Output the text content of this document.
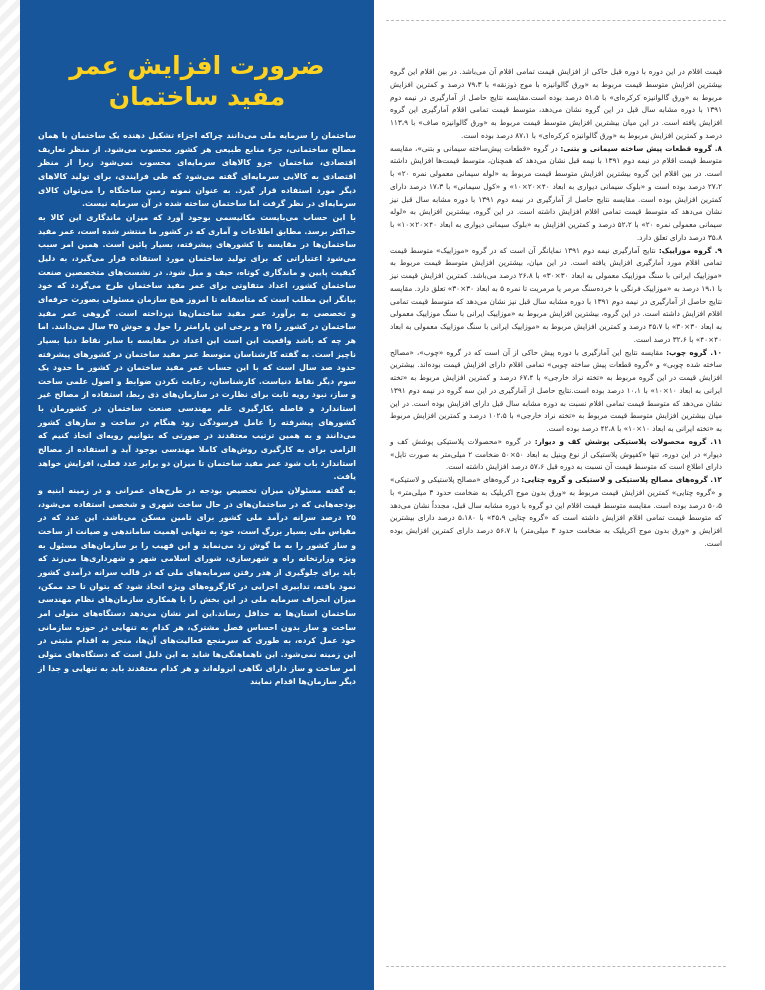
ضرورت افزایش عمر مفید ساختمان

ساختمان را سرمایه ملی می‌دانند چراکه اجزاء تشکیل دهنده یک ساختمان یا همان مصالح ساختمانی، جزء منابع طبیعی هر کشور محسوب می‌شود. از منظر تعاریف اقتصادی، ساختمان جزو کالاهای سرمایه‌ای محسوب نمی‌شود زیرا از منظر اقتصادی به کالایی سرمایه‌ای گفته می‌شود که طی فرایندی، برای تولید کالاهای دیگر مورد استفاده قرار گیرد. به عنوان نمونه زمین ساختگاه را می‌توان کالای سرمایه‌ای در نظر گرفت اما ساختمان ساخته شده در آن سرمایه نیست.

با این حساب می‌بایست مکانیسمی بوجود آورد که میزان ماندگاری این کالا به حداکثر برسد. مطابق اطلاعات و آماری که در کشور ما منتشر شده است، عمر مفید ساختمان‌ها در مقایسه با کشورهای پیشرفته، بسیار پائین است. همین امر سبب می‌شود اعتباراتی که برای تولید ساختمان مورد استفاده قرار می‌گیرد، به دلیل کیفیت پایین و ماندگاری کوتاه، حیف و میل شود. در نشست‌های متخصصین صنعت ساختمان کشور، اعداد متفاوتی برای عمر مفید ساختمان طرح می‌گردد که خود بیانگر این مطلب است که متاسفانه تا امروز هیچ سازمان مسئولی بصورت حرفه‌ای و تخصصی به برآورد عمر مفید ساختمان‌ها نپرداخته است. گروهی عمر مفید ساختمان در کشور را ۲۵ و برخی این پارامتر را حول و حوش ۳۵ سال می‌دانند. اما هر چه که باشد واقعیت این است این اعداد در مقایسه با سایر نقاط دنیا بسیار ناچیز است. به گفته کارشناسان متوسط عمر مفید ساختمان در کشورهای پیشرفته حدود صد سال است که با این حساب عمر مفید ساختمان در کشور ما حدود یک سوم دیگر نقاط دنیاست. کارشناسان، رعایت نکردن ضوابط و اصول علمی ساخت و ساز، نبود رویه ثابت برای نظارت در سازمان‌های ذی ربط، استفاده از مصالح غیر استاندارد و فاصله بکارگیری علم مهندسی صنعت ساختمان در کشورمان با کشورهای پیشرفته را عامل فرسودگی زود هنگام در ساخت و سازهای کشور می‌دانند و به همین ترتیب معتقدند در صورتی که بتوانیم رویه‌ای اتخاذ کنیم که الزامی برای به کارگیری روش‌های کاملا مهندسی بوجود آید و استفاده از مصالح استاندارد باب شود عمر مفید ساختمان تا میزان دو برابر عدد فعلی، افزایش خواهد یافت.

به گفته مسئولان میزان تخصیص بودجه در طرح‌های عمرانی و در زمینه ابنیه و بودجه‌هایی که در ساختمان‌های در حال ساخت شهری و شخصی استفاده می‌شود، ۲۵ درصد سرانه درآمد ملی کشور برای تامین مسکن می‌باشد. این عدد که در مقیاس ملی بسیار بزرگ است، خود به تنهایی اهمیت ساماندهی و صیانت از ساخت و ساز کشور را به ما گوش زد می‌نماید و این فهیب را بر سازمان‌های مسئول به ویژه وزارتخانه راه و شهرسازی، شورای اسلامی شهر و شهرداری‌ها می‌زند که باید برای جلوگیری از هدر رفتن سرمایه‌های ملی که در قالب سرانه درآمدی کشور نمود یافته، تدابیری اجرایی در کارگروه‌های ویژه اتخاذ شود که بتوان تا حد ممکن، میزان انحراف سرمایه ملی در این بخش را با همکاری سازمان‌های نظام مهندسی ساختمان استان‌ها به حداقل رساند.این امر نشان می‌دهد دستگاه‌های متولی امر ساخت و ساز بدون احساس فصل مشترک، هر کدام به تنهایی در حوزه سازمانی خود عمل کرده، به طوری که سرمنجع فعالیت‌های آن‌ها، منجر به اقدام مثبتی در این زمینه نمی‌شود. این ناهماهنگی‌ها شاید به این دلیل است که دستگاه‌های متولی امر ساخت و ساز دارای نگاهی ایزوله‌اند و هر کدام معتقدند باید به تنهایی و جدا از دیگر سازمان‌ها اقدام نمایند

قیمت اقلام در این دوره با دوره قبل حاکی از افزایش قیمت تمامی اقلام آن می‌باشد. در بین اقلام این گروه بیشترین افزایش متوسط قیمت مربوط به «ورق گالوانیزه با موج ذوزنقه» با ۷۹،۳ درصد و کمترین افزایش مربوط به «ورق گالوانیزه کرکره‌ای» با ۵۱،۵ درصد بوده است.مقایسه نتایج حاصل از آمارگیری در نیمه دوم ۱۳۹۱ با دوره مشابه سال قبل در این گروه نشان می‌دهد، متوسط قیمت تمامی اقلام آمارگیری این گروه افزایش یافته است. در این میان بیشترین افزایش متوسط قیمت مربوط به «ورق گالوانیزه صاف» با ۱۱۳،۹ درصد و کمترین افزایش مربوط به «ورق گالوانیزه کرکره‌ای» با ۸۷،۱ درصد بوده است.

۸. گروه قطعات پیش ساخته سیمانی و بتنی: در گروه «قطعات پیش‌ساخته سیمانی و بتنی»، مقایسه متوسط قیمت اقلام در نیمه دوم ۱۳۹۱ با نیمه قبل نشان می‌دهد که همچنان، متوسط قیمت‌ها افزایش داشته است. در بین اقلام این گروه بیشترین افزایش متوسط قیمت مربوط به «لوله سیمانی معمولی نمره ۲۰» با ۲۷،۲ درصد بوده است و «بلوک سیمانی دیواری به ابعاد ۴۰×۲۰×۱۰» و «کول سیمانی» با ۱۷،۳ درصد دارای کمترین افزایش بوده است. مقایسه نتایج حاصل از آمارگیری در نیمه دوم ۱۳۹۱ با دوره مشابه سال قبل نیز نشان می‌دهد که متوسط قیمت تمامی اقلام افزایش داشته است. در این گروه، بیشترین افزایش به «لوله سیمانی معمولی نمره ۲۰» با ۵۲،۲ درصد و کمترین افزایش به «بلوک سیمانی دیواری به ابعاد ۴۰×۲۰×۱۰» با ۳۵،۸ درصد دارای تعلق دارد.

۹. گروه موزاییک: نتایج آمارگیری نیمه دوم ۱۳۹۱ نمایانگر آن است که در گروه «موزاییک» متوسط قیمت تمامی اقلام مورد آمارگیری افزایش یافته است. در این میان، بیشترین افزایش متوسط قیمت مربوط به «موزاییک ایرانی با سنگ موزاییک معمولی به ابعاد ۳۰×۳۰» با ۲۶،۸ درصد می‌باشد. کمترین افزایش قیمت نیز با ۱۹،۱ درصد به «موزاییک فرنگی با خرده‌سنگ مرمر یا مرمریت تا نمره ۵ به ابعاد ۳۰×۳۰» تعلق دارد. مقایسه نتایج حاصل از آمارگیری در نیمه دوم ۱۳۹۱ با دوره مشابه سال قبل نیز نشان می‌دهد که متوسط قیمت تمامی اقلام افزایش داشته است. در این گروه، بیشترین افزایش مربوط به «موزاییک ایرانی با سنگ موزاییک معمولی به ابعاد ۳۰×۳۰» با ۴۵،۷ درصد و کمترین افزایش مربوط به «موزاییک ایرانی با سنگ موزاییک معمولی به ابعاد ۴۰×۴۰» با ۳۲،۶ درصد است.

۱۰. گروه چوب: مقایسه نتایج این آمارگیری با دوره پیش حاکی از آن است که در گروه «چوب»، «مصالح ساخته شده چوبی» و «گروه قطعات پیش ساخته چوبی» تمامی اقلام دارای افزایش قیمت بوده‌اند. بیشترین افزایش قیمت در این گروه مربوط به «تخته نراد خارجی» با ۶۷،۴ درصد و کمترین افزایش مربوط به «تخته ایرانی به ابعاد ۱۰×۱۰» با ۱۰،۱ درصد بوده است.نتایج حاصل از آمارگیری در این سه گروه در نیمه دوم ۱۳۹۱ نشان می‌دهد که متوسط قیمت تمامی اقلام نسبت به دوره مشابه سال قبل دارای افزایش بوده است. در این میان بیشترین افزایش متوسط قیمت مربوط به «تخته نراد خارجی» با ۱۰۲،۵ درصد و کمترین افزایش مربوط به «تخته ایرانی به ابعاد ۱۰×۱۰» با ۴۲،۸ درصد بوده است.

۱۱. گروه محصولات پلاستیکی پوشش کف و دیوار: در گروه «محصولات پلاستیکی پوشش کف و دیوار» در این دوره، تنها «کفپوش پلاستیکی از نوع وینیل به ابعاد ۵۰×۵۰ ضخامت ۲ میلی‌متر به صورت تایل» دارای اطلاع است که متوسط قیمت آن نسبت به دوره قبل ۵۷،۶ درصد افزایش داشته است.

۱۲. گروه‌های مصالح پلاستیکی و لاستیکی و گروه چتایی: در گروه‌های «مصالح پلاستیکی و لاستیکی» و «گروه چتایی» کمترین افزایش قیمت مربوط به «ورق بدون موج اکریلیک به ضخامت حدود ۳ میلی‌متر» با ۵۰،۵ درصد بوده است. مقایسه متوسط قیمت اقلام این دو گروه با دوره مشابه سال قبل، مجدداً نشان می‌دهد که متوسط قیمت تمامی اقلام افزایش داشته است که «گروه چتایی ۴۵،۹» با ۵،۱۸۰ درصد دارای بیشترین افزایش و «ورق بدون موج اکریلیک به ضخامت حدود ۳ میلی‌متر) با ۵۶،۷ درصد دارای کمترین افزایش بوده است.
